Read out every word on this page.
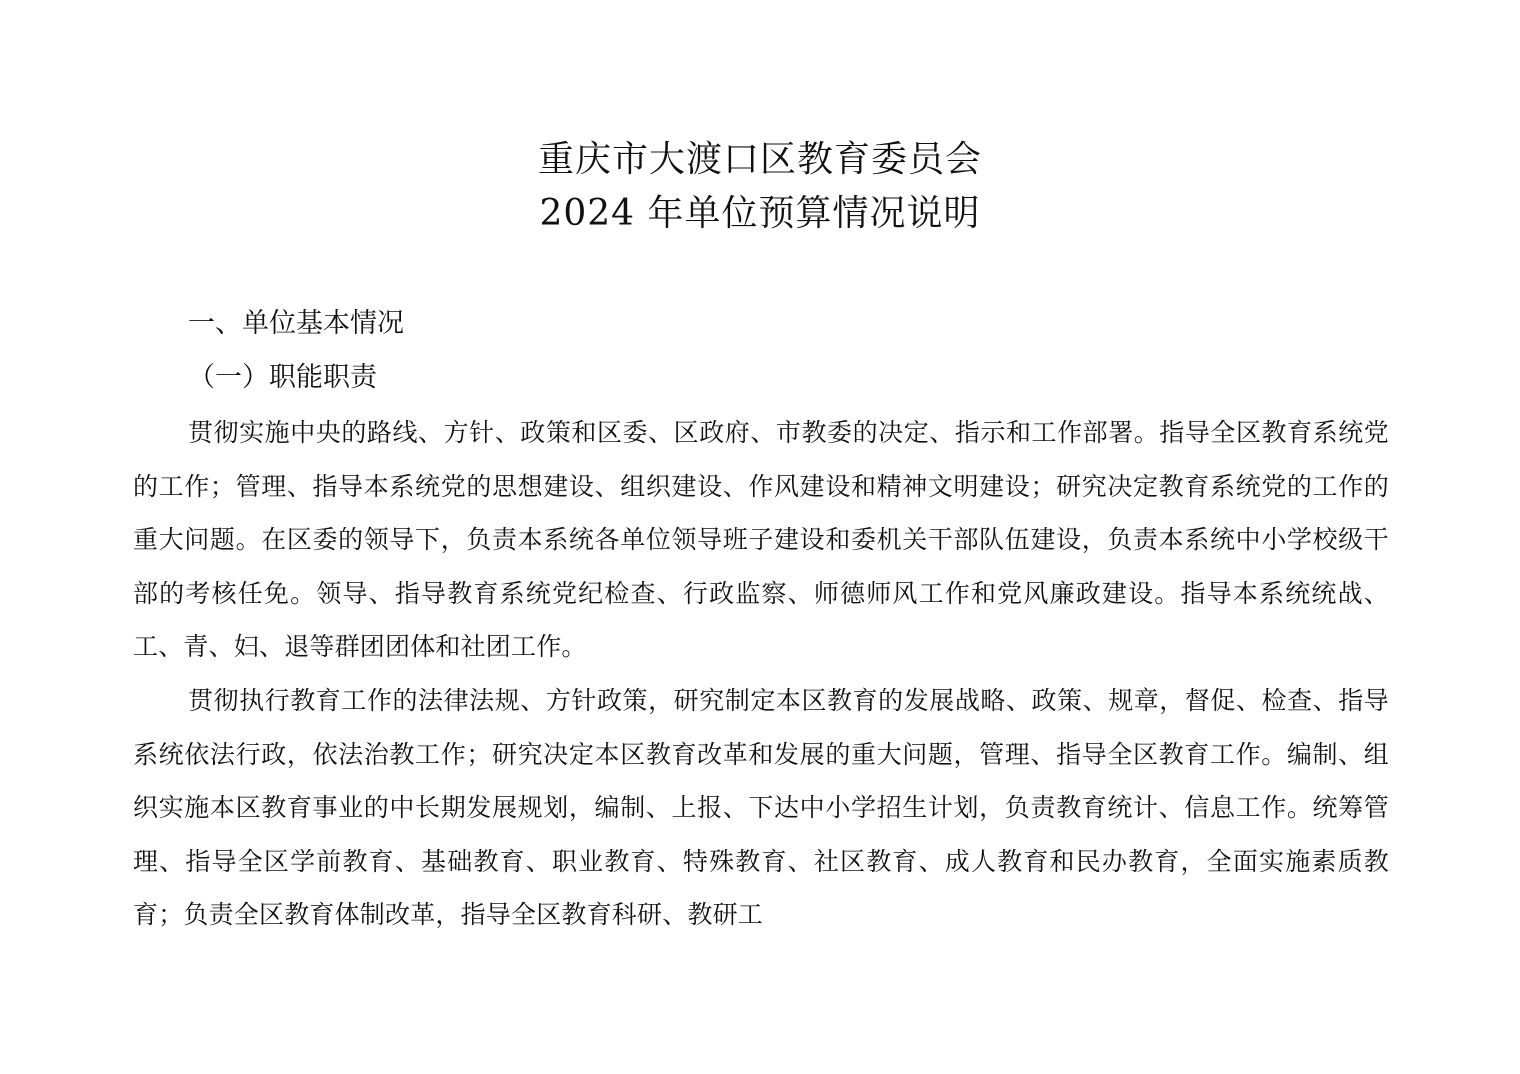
重庆市大渡口区教育委员会
2024 年单位预算情况说明
一、单位基本情况
（一）职能职责

贯彻实施中央的路线、方针、政策和区委、区政府、市教委的决定、指示和工作部署。指导全区教育系统党的工作；管理、指导本系统党的思想建设、组织建设、作风建设和精神文明建设；研究决定教育系统党的工作的重大问题。在区委的领导下，负责本系统各单位领导班子建设和委机关干部队伍建设，负责本系统中小学校级干部的考核任免。领导、指导教育系统党纪检查、行政监察、师德师风工作和党风廉政建设。指导本系统统战、工、青、妇、退等群团团体和社团工作。

贯彻执行教育工作的法律法规、方针政策，研究制定本区教育的发展战略、政策、规章，督促、检查、指导系统依法行政，依法治教工作；研究决定本区教育改革和发展的重大问题，管理、指导全区教育工作。编制、组织实施本区教育事业的中长期发展规划，编制、上报、下达中小学招生计划，负责教育统计、信息工作。统筹管理、指导全区学前教育、基础教育、职业教育、特殊教育、社区教育、成人教育和民办教育，全面实施素质教育；负责全区教育体制改革，指导全区教育科研、教研工
